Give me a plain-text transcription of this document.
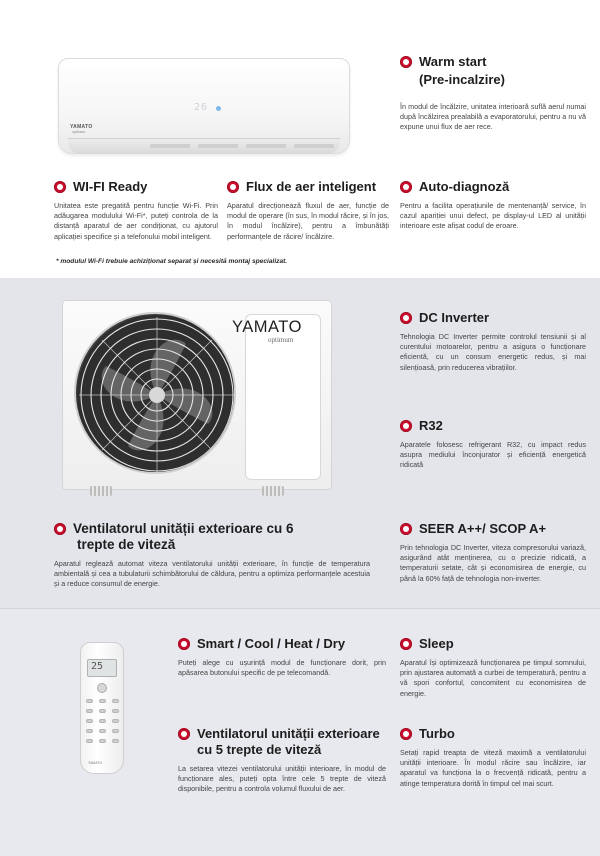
YAMATO
optimum
26
Warm start
(Pre-incalzire)
În modul de încălzire, unitatea interioară suflă aerul numai după încălzirea prealabilă a evaporatorului, pentru a nu vă expune unui flux de aer rece.
WI-FI Ready
Unitatea este pregatită pentru funcție Wi-Fi. Prin adăugarea modulului Wi-Fi*, puteți controla de la distanță aparatul de aer condiționat, cu ajutorul aplicației specifice și a telefonului mobil inteligent.
Flux de aer inteligent
Aparatul direcționează fluxul de aer, funcție de modul de operare (în sus, în modul răcire, și în jos, în modul încălzire), pentru a îmbunătăți performanțele de răcire/ încălzire.
Auto-diagnoză
Pentru a facilita operațiunile de mentenanță/ service, în cazul apariției unui defect, pe display-ul LED al unității interioare este afișat codul de eroare.
* modulul Wi-Fi trebuie achiziționat separat și necesită montaj specializat.
YAMATO
optimum
DC Inverter
Tehnologia DC Inverter permite controlul tensiunii și al curentului motoarelor, pentru a asigura o funcționare eficientă, cu un consum energetic redus, și mai silențioasă, prin reducerea vibrațiilor.
R32
Aparatele folosesc refrigerant R32, cu impact redus asupra mediului înconjurator și eficiență energetică ridicată
Ventilatorul unității exterioare cu 6
trepte de viteză
Aparatul reglează automat viteza ventilatorului unității exterioare, în funcție de temperatura ambientală și cea a tubulaturii schimbătorului de căldura, pentru a optimiza performanțele acestuia și a reduce consumul de energie.
SEER A++/ SCOP A+
Prin tehnologia DC Inverter, viteza compresorului variază, asigurând atât menținerea, cu o precizie ridicată, a temperaturii setate, cât și economisirea de energie, cu până la 60% față de tehnologia non-inverter.
25
YAMATO
Smart / Cool / Heat / Dry
Puteți alege cu ușurință modul de funcționare dorit, prin apăsarea butonului specific de pe telecomandă.
Ventilatorul unității exterioare
cu 5 trepte de viteză
La setarea vitezei ventilatorului unității interioare, în modul de funcționare ales, puteți opta între cele 5 trepte de viteză disponibile, pentru a controla volumul fluxului de aer.
Sleep
Aparatul își optimizează funcționarea pe timpul somnului, prin ajustarea automată a curbei de temperatură, pentru a vă spori confortul, concomitent cu economisirea de energie.
Turbo
Setați rapid treapta de viteză maximă a ventilatorului unității interioare. În modul răcire sau încălzire, iar aparatul va funcționa la o frecvență ridicată, pentru a atinge temperatura dorită în timpul cel mai scurt.
